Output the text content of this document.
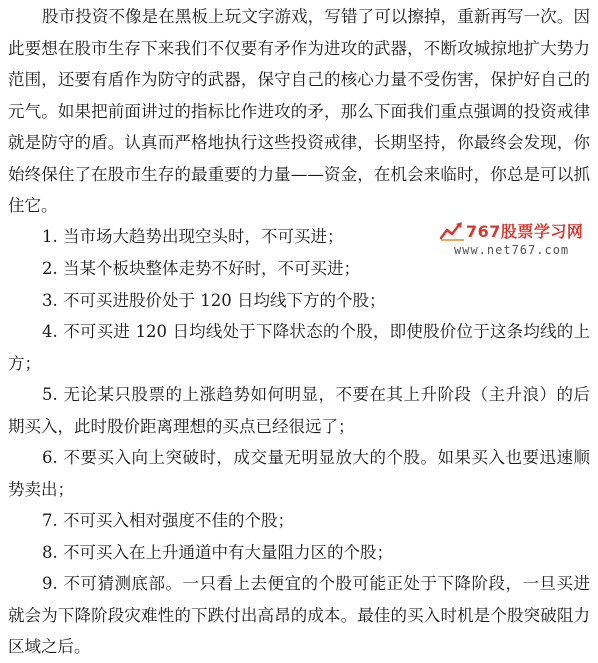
股市投资不像是在黑板上玩文字游戏，写错了可以擦掉，重新再写一次。因此要想在股市生存下来我们不仅要有矛作为进攻的武器，不断攻城掠地扩大势力范围，还要有盾作为防守的武器，保守自己的核心力量不受伤害，保护好自己的元气。如果把前面讲过的指标比作进攻的矛，那么下面我们重点强调的投资戒律就是防守的盾。认真而严格地执行这些投资戒律，长期坚持，你最终会发现，你始终保住了在股市生存的最重要的力量——资金，在机会来临时，你总是可以抓住它。

1. 当市场大趋势出现空头时，不可买进；

2. 当某个板块整体走势不好时，不可买进；

3. 不可买进股价处于 120 日均线下方的个股；

4. 不可买进 120 日均线处于下降状态的个股，即使股价位于这条均线的上方；

5. 无论某只股票的上涨趋势如何明显，不要在其上升阶段（主升浪）的后期买入，此时股价距离理想的买点已经很远了；

6. 不要买入向上突破时，成交量无明显放大的个股。如果买入也要迅速顺势卖出；

7. 不可买入相对强度不佳的个股；

8. 不可买入在上升通道中有大量阻力区的个股；

9. 不可猜测底部。一只看上去便宜的个股可能正处于下降阶段，一旦买进就会为下降阶段灾难性的下跌付出高昂的成本。最佳的买入时机是个股突破阻力区域之后。

767股票学习网
www.net767.com
